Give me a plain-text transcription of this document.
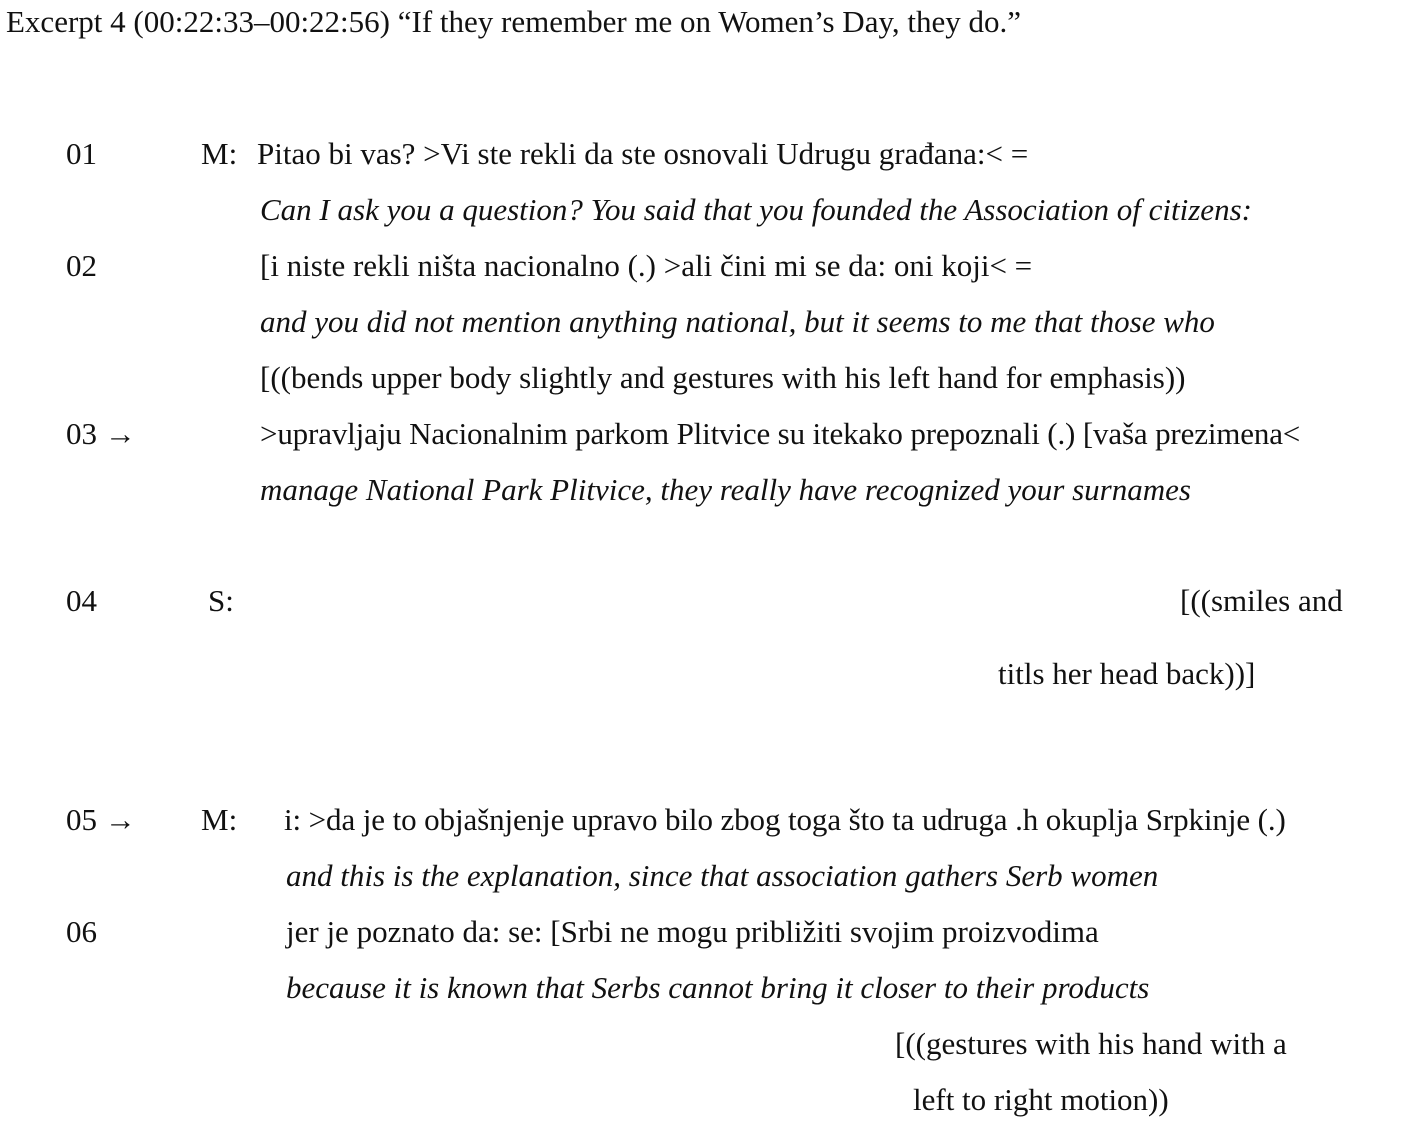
Excerpt 4 (00:22:33–00:22:56) “If they remember me on Women’s Day, they do.”
01	M: Pitao bi vas? >Vi ste rekli da ste osnovali Udrugu građana:< =
Can I ask you a question? You said that you founded the Association of citizens:
02	[i niste rekli ništa nacionalno (.) >ali čini mi se da: oni koji< =
and you did not mention anything national, but it seems to me that those who
[((bends upper body slightly and gestures with his left hand for emphasis))
03 →	>upravljaju Nacionalnim parkom Plitvice su itekako prepoznali (.) [vaša prezimena<
manage National Park Plitvice, they really have recognized your surnames
04	S:	[((smiles and
titls her head back))]
05 → M: i: >da je to objašnjenje upravo bilo zbog toga što ta udruga .h okuplja Srpkinje (.)
and this is the explanation, since that association gathers Serb women
06	jer je poznato da: se: [Srbi ne mogu približiti svojim proizvodima
because it is known that Serbs cannot bring it closer to their products
[((gestures with his hand with a
left to right motion))
